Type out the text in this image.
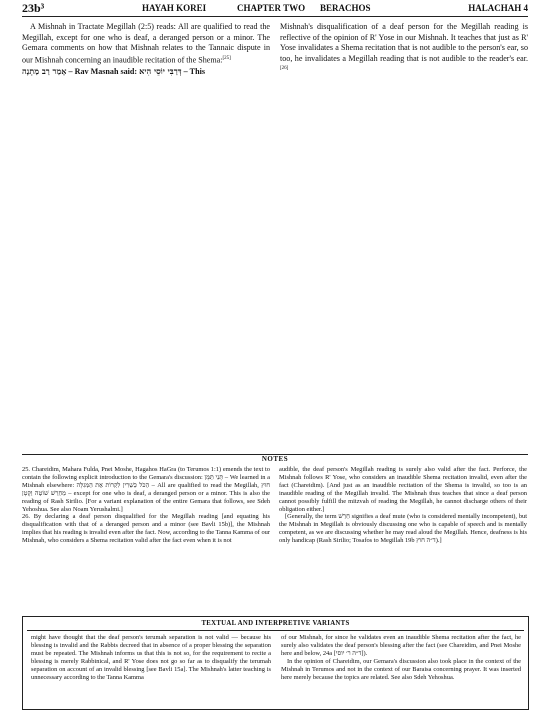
23b³	HAYAH KOREI	CHAPTER TWO BERACHOS	HALACHAH 4

A Mishnah in Tractate Megillah (2:5) reads: All are qualified to read the Megillah, except for one who is deaf, a deranged person or a minor. The Gemara comments on how that Mishnah relates to the Tannaic dispute in our Mishnah concerning an inaudible recitation of the Shema:[25]

אָמַר רַב מַתְנָה – Rav Masnah said: דְּרַבִּי יוֹסֵי הִיא – This

Mishnah's disqualification of a deaf person for the Megillah reading is reflective of the opinion of R' Yose in our Mishnah. It teaches that just as R' Yose invalidates a Shema recitation that is not audible to the person's ear, so too, he invalidates a Megillah reading that is not audible to the reader's ear.[26]

NOTES

25. Chareidim, Mahara Fulda, Pnei Moshe, Hagahos HaGra (to Terumos 1:1) emends the text to contain the following explicit introduction to the Gemara's discussion: תָּנֵי תַּמָּן – We learned in a Mishnah elsewhere: הַכֹּל כְּשֵׁרִין לִקְרוֹת אֶת הַמְּגִלָּה – All are qualified to read the Megillah, חוּץ מֵחֵרֵשׁ שׁוֹטֶה וְקָטָן – except for one who is deaf, a deranged person or a minor. This is also the reading of Rash Sirilio. [For a variant explanation of the entire Gemara that follows, see Sdeh Yehoshua. See also Noam Yerushalmi.]

26. By declaring a deaf person disqualified for the Megillah reading [and equating his disqualification with that of a deranged person and a minor (see Bavli 15b)], the Mishnah implies that his reading is invalid even after the fact. Now, according to the Tanna Kamma of our Mishnah, who considers a Shema recitation valid after the fact even when it is not

audible, the deaf person's Megillah reading is surely also valid after the fact. Perforce, the Mishnah follows R' Yose, who considers an inaudible Shema recitation invalid, even after the fact (Chareidim). [And just as an inaudible recitation of the Shema is invalid, so too is an inaudible reading of the Megillah invalid. The Mishnah thus teaches that since a deaf person cannot possibly fulfill the mitzvah of reading the Megillah, he cannot discharge others of their obligation either.]

[Generally, the term חֵרֵשׁ signifies a deaf mute (who is considered mentally incompetent), but the Mishnah in Megillah is obviously discussing one who is capable of speech and is mentally competent, as we are discussing whether he may read aloud the Megillah. Hence, deafness is his only handicap (Rash Sirilio; Tosafos to Megillah 19b ד״ה חוץ).]

TEXTUAL AND INTERPRETIVE VARIANTS

might have thought that the deaf person's terumah separation is not valid — because his blessing is invalid and the Rabbis decreed that in absence of a proper blessing the separation must be repeated. The Mishnah informs us that this is not so, for the requirement to recite a blessing is merely Rabbinical, and R' Yose does not go so far as to disqualify the terumah separation on account of an invalid blessing [see Bavli 15a]. The Mishnah's latter teaching is unnecessary according to the Tanna Kamma

of our Mishnah, for since he validates even an inaudible Shema recitation after the fact, he surely also validates the deaf person's blessing after the fact (see Chareidim, and Pnei Moshe here and below, 24a [ד״ה ר׳ יוסי]).

In the opinion of Chareidim, our Gemara's discussion also took place in the context of the Mishnah in Terumos and not in the context of our Baraisa concerning prayer. It was inserted here merely because the topics are related. See also Sdeh Yehoshua.
